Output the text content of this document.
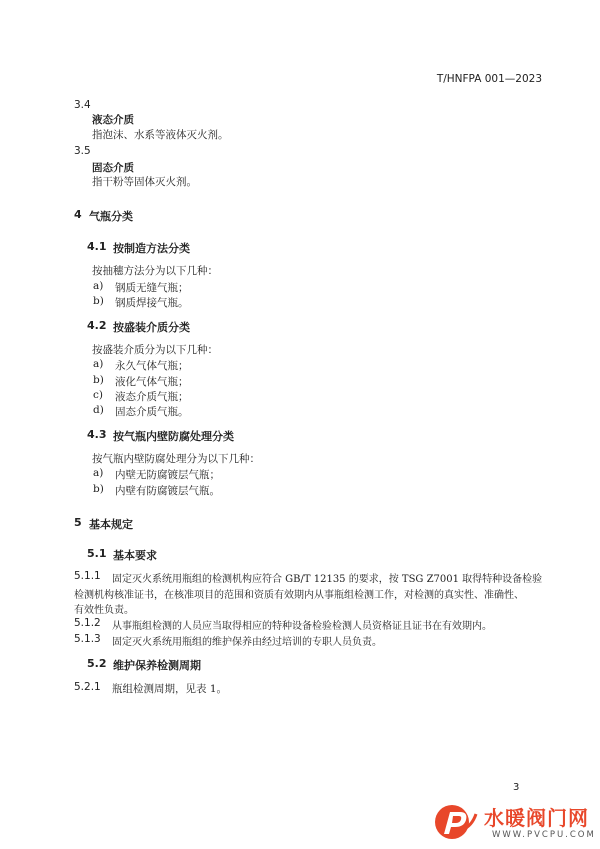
T/HNFPA 001—2023
3.4
液态介质
指泡沫、水系等液体灭火剂。
3.5
固态介质
指干粉等固体灭火剂。
4 气瓶分类
4.1 按制造方法分类
按抽穗方法分为以下几种：
a) 钢质无缝气瓶；
b) 钢质焊接气瓶。
4.2 按盛装介质分类
按盛装介质分为以下几种：
a) 永久气体气瓶；
b) 液化气体气瓶；
c) 液态介质气瓶；
d) 固态介质气瓶。
4.3 按气瓶内壁防腐处理分类
按气瓶内壁防腐处理分为以下几种：
a) 内壁无防腐镀层气瓶；
b) 内壁有防腐镀层气瓶。
5 基本规定
5.1 基本要求
5.1.1 固定灭火系统用瓶组的检测机构应符合 GB/T 12135 的要求，按 TSG Z7001 取得特种设备检验
检测机构核准证书，在核准项目的范围和资质有效期内从事瓶组检测工作，对检测的真实性、准确性、
有效性负责。
5.1.2 从事瓶组检测的人员应当取得相应的特种设备检验检测人员资格证且证书在有效期内。
5.1.3 固定灭火系统用瓶组的维护保养由经过培训的专职人员负责。
5.2 维护保养检测周期
5.2.1 瓶组检测周期，见表 1。
3
水暖阀门网
WWW.PVCPU.COM
